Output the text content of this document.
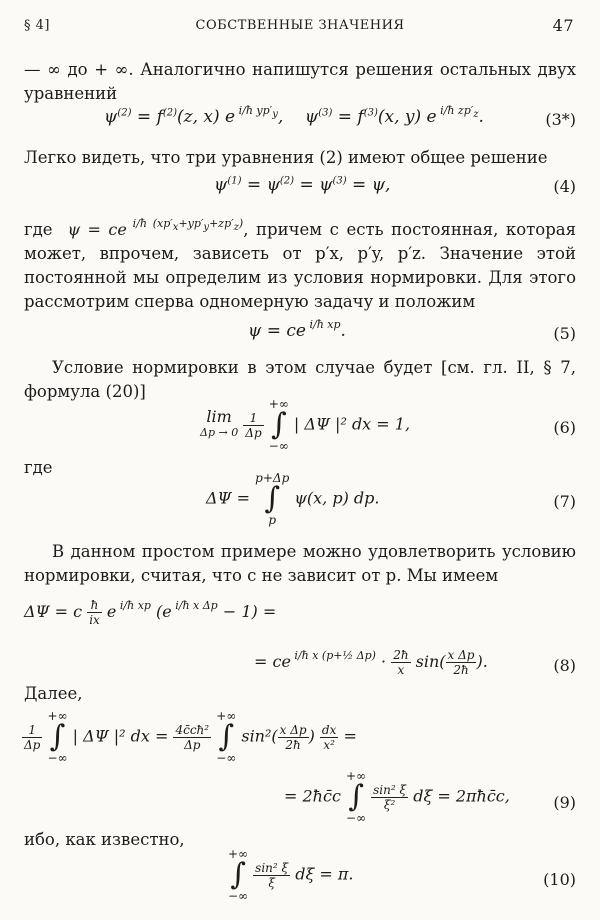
§ 4]	СОБСТВЕННЫЕ ЗНАЧЕНИЯ	47
— ∞ до + ∞. Аналогично напишутся решения остальных двух уравнений
$\psi^{(2)} = f^{(2)}(z$, x) e $^{i/ħ yp'_y}$,    $\psi^{(3)} = f^{(3)}(x$, y) e $^{i/ħ zp'_z}$.	(3*)
Легко видеть, что три уравнения (2) имеют общее решение
$\psi^{(1)} = \psi^{(2)} = \psi^{(3)} = \psi$,	(4)
где  ψ = ce $^{i/ħ (xp'_x+yp'_y+zp'_z)}$, причем c есть постоянная, которая может, впрочем, зависеть от p′x, p′y, p′z. Значение этой постоянной мы определим из условия нормировки. Для этого рассмотрим сперва одномерную задачу и положим
ψ = ce $^{i/ħ xp}$.	(5)
Условие нормировки в этом случае будет [см. гл. II, § 7, формула (20)]
lim
Δp → 0
$\frac{1}{\Delta p}$
+∞
∫
−∞ | ΔΨ |² dx = 1,	(6)
где
ΔΨ = p+Δp
∫
p ψ(x, p) dp.	(7)
В данном простом примере можно удовлетворить условию нормировки, считая, что c не зависит от p. Мы имеем
ΔΨ = c $\frac{ħ}{ix}$ e $^{i/ħ xp}$ (e $^{i/ħ x \Delta p}$ − 1) =
= ce $^{i/ħ x (p+\frac{1}{2} \Delta p)} \cdot \frac{2ħ}{x} \sin( \frac{\text{x Δp}}{2ħ}$ ).	(8)
Далее,
$\frac{1}{\Delta p}$
+∞
∫
−∞ | ΔΨ |² dx = $\frac{\text{4c̄cħ²}}{\Delta p}$
+∞
∫
−∞ $\sin^2( \frac{\text{x Δp}}{2ħ}$ ) $\frac{dx}{\text{x²}}$ =
= 2ħc̄c +∞
∫
−∞
$\frac{\text{sin² ξ}}{\text{ξ²}}$ dξ = 2πħc̄c,	(9)
ибо, как известно,
+∞
∫
−∞
$\frac{\text{sin² ξ}}{\xi}$ dξ = π.	(10)
